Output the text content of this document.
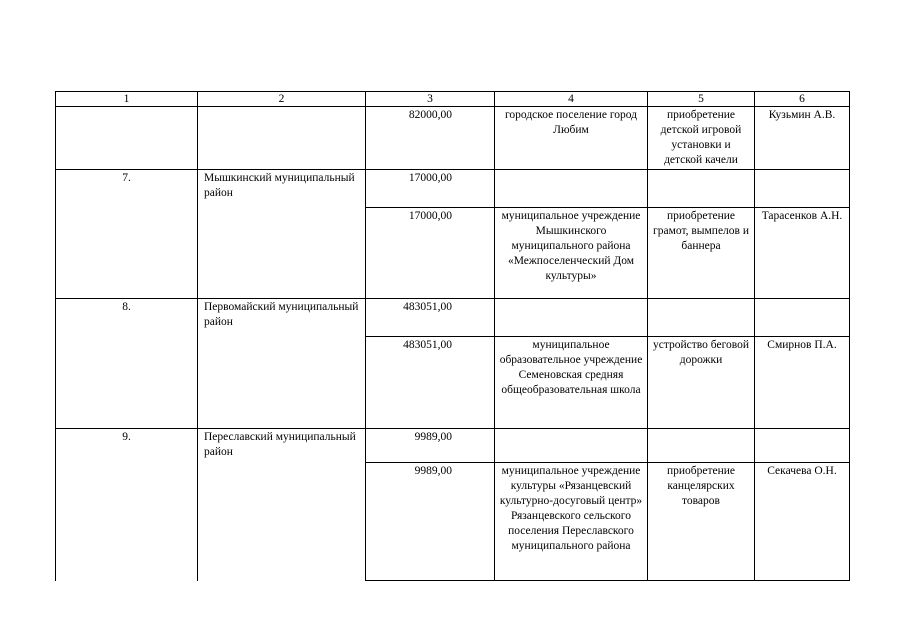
1	2	3	4	5	6
		82000,00	городское поселение город Любим	приобретение детской игровой установки и детской качели	Кузьмин А.В.
7.	Мышкинский муниципальный район	17000,00			
		17000,00	муниципальное учреждение Мышкинского муниципального района «Межпоселенческий Дом культуры»	приобретение грамот, вымпелов и баннера	Тарасенков А.Н.
8.	Первомайский муниципальный район	483051,00			
		483051,00	муниципальное образовательное учреждение Семеновская средняя общеобразовательная школа	устройство беговой дорожки	Смирнов П.А.
9.	Переславский муниципальный район	9989,00			
		9989,00	муниципальное учреждение культуры «Рязанцевский культурно-досуговый центр» Рязанцевского сельского поселения Переславского муниципального района	приобретение канцелярских товаров	Секачева О.Н.
